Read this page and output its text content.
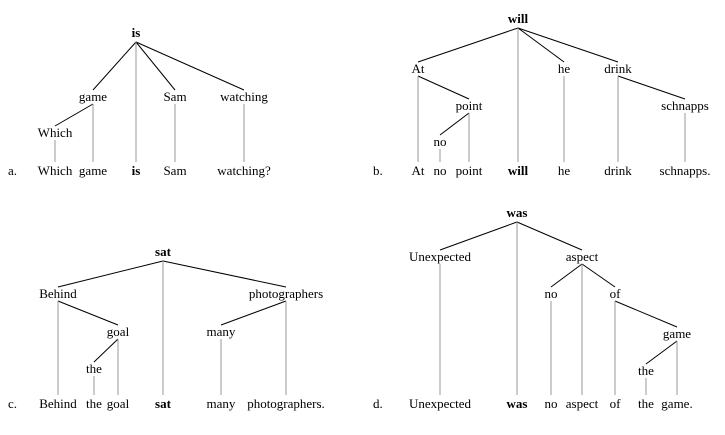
is
game	Sam	watching
Which
a. Which game is Sam watching?
will
At	he	drink
point	schnapps
no
b. At no point will he	drink schnapps.
sat
Behind	photographers
goal	many
the
c. Behind the goal sat	many photographers.
was
Unexpected	aspect
no	of
game
the
d. Unexpected	was no aspect of the game.
